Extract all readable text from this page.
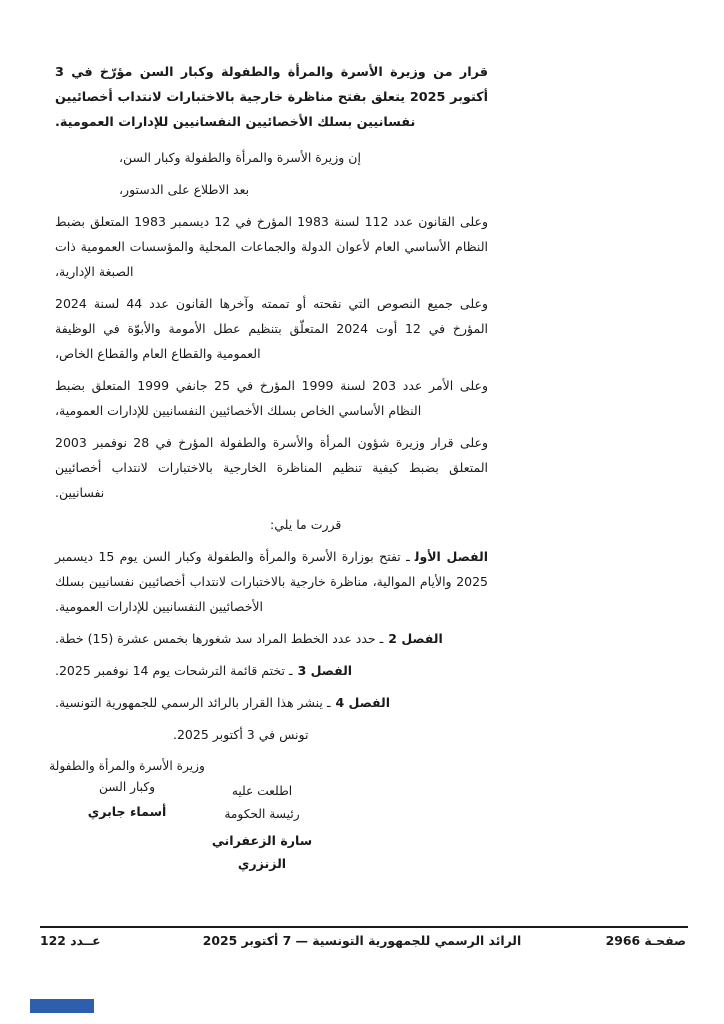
قرار من وزيرة الأسرة والمرأة والطفولة وكبار السن مؤرّخ في 3 أكتوبر 2025 يتعلق بفتح مناظرة خارجية بالاختبارات لانتداب أخصائيين نفسانيين بسلك الأخصائيين النفسانيين للإدارات العمومية.

إن وزيرة الأسرة والمرأة والطفولة وكبار السن،

بعد الاطلاع على الدستور،

وعلى القانون عدد 112 لسنة 1983 المؤرخ في 12 ديسمبر 1983 المتعلق بضبط النظام الأساسي العام لأعوان الدولة والجماعات المحلية والمؤسسات العمومية ذات الصبغة الإدارية،

وعلى جميع النصوص التي نقحته أو تممته وآخرها القانون عدد 44 لسنة 2024 المؤرخ في 12 أوت 2024 المتعلّق بتنظيم عطل الأمومة والأبوّة في الوظيفة العمومية والقطاع العام والقطاع الخاص،

وعلى الأمر عدد 203 لسنة 1999 المؤرخ في 25 جانفي 1999 المتعلق بضبط النظام الأساسي الخاص بسلك الأخصائيين النفسانيين للإدارات العمومية،

وعلى قرار وزيرة شؤون المرأة والأسرة والطفولة المؤرخ في 28 نوفمبر 2003 المتعلق بضبط كيفية تنظيم المناظرة الخارجية بالاختبارات لانتداب أخصائيين نفسانيين.

قررت ما يلي:

الفصل الأولـ تفتح بوزارة الأسرة والمرأة والطفولة وكبار السن يوم 15 ديسمبر 2025 والأيام الموالية، مناظرة خارجية بالاختبارات لانتداب أخصائيين نفسانيين بسلك الأخصائيين النفسانيين للإدارات العمومية.

الفصل 2ـ حدد عدد الخطط المراد سد شغورها بخمس عشرة (15) خطة.

الفصل 3ـ تختم قائمة الترشحات يوم 14 نوفمبر 2025.

الفصل 4ـ ينشر هذا القرار بالرائد الرسمي للجمهورية التونسية.

تونس في 3 أكتوبر 2025.

وزيرة الأسرة والمرأة والطفولة
وكبار السن
أسماء جابري
اطلعت عليه
رئيسة الحكومة
سارة الزعفراني الزنزري
صفحـة 2966
الرائد الرسمي للجمهورية التونسية — 7 أكتوبر 2025
عــدد 122
